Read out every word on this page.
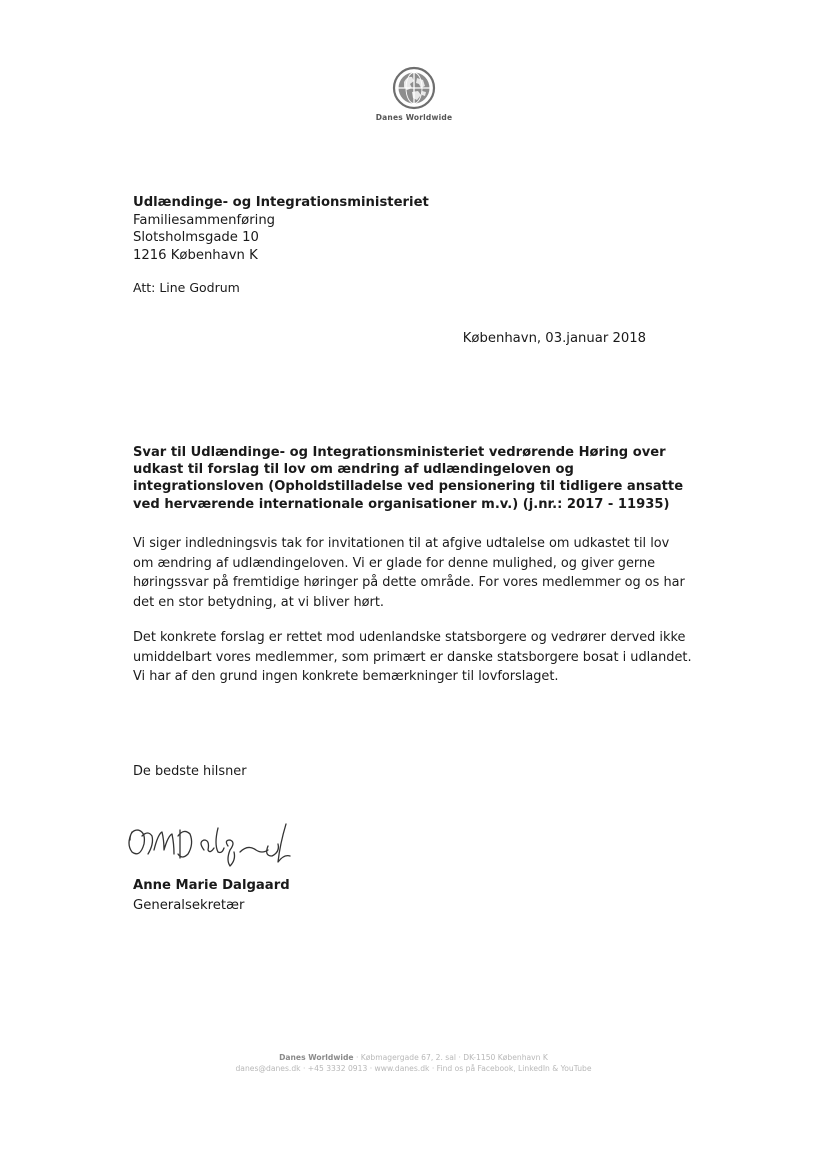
Danes Worldwide
Udlændinge- og Integrationsministeriet
Familiesammenføring
Slotsholmsgade 10
1216 København K
Att: Line Godrum
København, 03.januar 2018
Svar til Udlændinge- og Integrationsministeriet vedrørende Høring over udkast til forslag til lov om ændring af udlændingeloven og integrationsloven (Opholdstilladelse ved pensionering til tidligere ansatte ved herværende internationale organisationer m.v.) (j.nr.: 2017 - 11935)
Vi siger indledningsvis tak for invitationen til at afgive udtalelse om udkastet til lov om ændring af udlændingeloven. Vi er glade for denne mulighed, og giver gerne høringssvar på fremtidige høringer på dette område. For vores medlemmer og os har det en stor betydning, at vi bliver hørt.
Det konkrete forslag er rettet mod udenlandske statsborgere og vedrører derved ikke umiddelbart vores medlemmer, som primært er danske statsborgere bosat i udlandet. Vi har af den grund ingen konkrete bemærkninger til lovforslaget.
De bedste hilsner
Anne Marie Dalgaard
Generalsekretær
Danes Worldwide · Købmagergade 67, 2. sal · DK-1150 København K
danes@danes.dk · +45 3332 0913 · www.danes.dk · Find os på Facebook, LinkedIn & YouTube
